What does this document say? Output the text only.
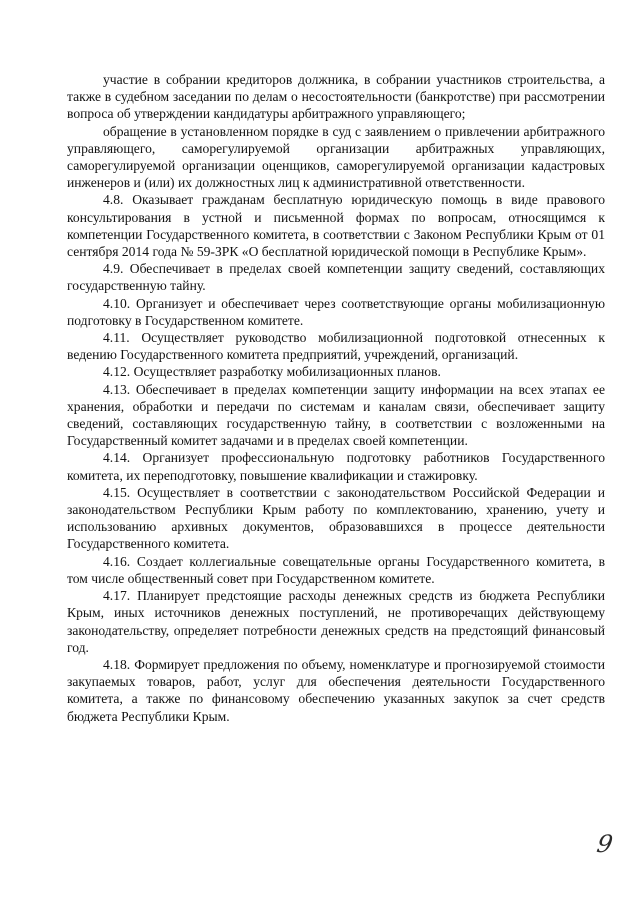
участие в собрании кредиторов должника, в собрании участников строительства, а также в судебном заседании по делам о несостоятельности (банкротстве) при рассмотрении вопроса об утверждении кандидатуры арбитражного управляющего;

обращение в установленном порядке в суд с заявлением о привлечении арбитражного управляющего, саморегулируемой организации арбитражных управляющих, саморегулируемой организации оценщиков, саморегулируемой организации кадастровых инженеров и (или) их должностных лиц к административной ответственности.

4.8. Оказывает гражданам бесплатную юридическую помощь в виде правового консультирования в устной и письменной формах по вопросам, относящимся к компетенции Государственного комитета, в соответствии с Законом Республики Крым от 01 сентября 2014 года № 59-ЗРК «О бесплатной юридической помощи в Республике Крым».

4.9. Обеспечивает в пределах своей компетенции защиту сведений, составляющих государственную тайну.

4.10. Организует и обеспечивает через соответствующие органы мобилизационную подготовку в Государственном комитете.

4.11. Осуществляет руководство мобилизационной подготовкой отнесенных к ведению Государственного комитета предприятий, учреждений, организаций.

4.12. Осуществляет разработку мобилизационных планов.

4.13. Обеспечивает в пределах компетенции защиту информации на всех этапах ее хранения, обработки и передачи по системам и каналам связи, обеспечивает защиту сведений, составляющих государственную тайну, в соответствии с возложенными на Государственный комитет задачами и в пределах своей компетенции.

4.14. Организует профессиональную подготовку работников Государственного комитета, их переподготовку, повышение квалификации и стажировку.

4.15. Осуществляет в соответствии с законодательством Российской Федерации и законодательством Республики Крым работу по комплектованию, хранению, учету и использованию архивных документов, образовавшихся в процессе деятельности Государственного комитета.

4.16. Создает коллегиальные совещательные органы Государственного комитета, в том числе общественный совет при Государственном комитете.

4.17. Планирует предстоящие расходы денежных средств из бюджета Республики Крым, иных источников денежных поступлений, не противоречащих действующему законодательству, определяет потребности денежных средств на предстоящий финансовый год.

4.18. Формирует предложения по объему, номенклатуре и прогнозируемой стоимости закупаемых товаров, работ, услуг для обеспечения деятельности Государственного комитета, а также по финансовому обеспечению указанных закупок за счет средств бюджета Республики Крым.

9
